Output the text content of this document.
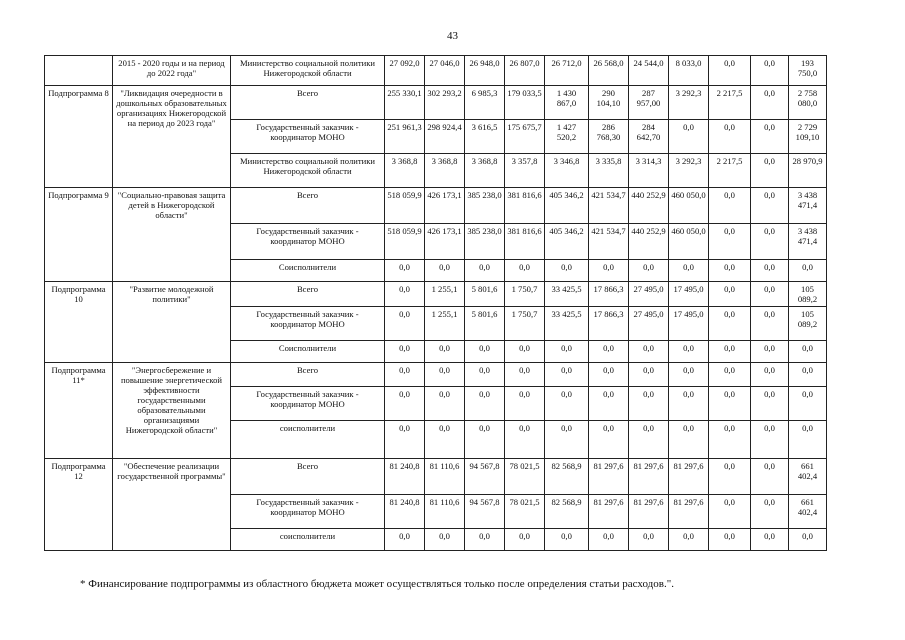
43
	2015 - 2020 годы и на период до 2022 года"	Министерство социальной политики Нижегородской области	27 092,0	27 046,0	26 948,0	26 807,0	26 712,0	26 568,0	24 544,0	8 033,0	0,0	0,0	193 750,0
Подпрограмма 8	"Ликвидация очередности в дошкольных образовательных организациях Нижегородской на период до 2023 года"	Всего	255 330,1	302 293,2	6 985,3	179 033,5	1 430 867,0	290 104,10	287 957,00	3 292,3	2 217,5	0,0	2 758 080,0
		Государственный заказчик - координатор МОНО	251 961,3	298 924,4	3 616,5	175 675,7	1 427 520,2	286 768,30	284 642,70	0,0	0,0	0,0	2 729 109,10
		Министерство социальной политики Нижегородской области	3 368,8	3 368,8	3 368,8	3 357,8	3 346,8	3 335,8	3 314,3	3 292,3	2 217,5	0,0	28 970,9
Подпрограмма 9	"Социально-правовая защита детей в Нижегородской области"	Всего	518 059,9	426 173,1	385 238,0	381 816,6	405 346,2	421 534,7	440 252,9	460 050,0	0,0	0,0	3 438 471,4
		Государственный заказчик - координатор МОНО	518 059,9	426 173,1	385 238,0	381 816,6	405 346,2	421 534,7	440 252,9	460 050,0	0,0	0,0	3 438 471,4
		Соисполнители	0,0	0,0	0,0	0,0	0,0	0,0	0,0	0,0	0,0	0,0	0,0
Подпрограмма 10	"Развитие молодежной политики"	Всего	0,0	1 255,1	5 801,6	1 750,7	33 425,5	17 866,3	27 495,0	17 495,0	0,0	0,0	105 089,2
		Государственный заказчик - координатор МОНО	0,0	1 255,1	5 801,6	1 750,7	33 425,5	17 866,3	27 495,0	17 495,0	0,0	0,0	105 089,2
		Соисполнители	0,0	0,0	0,0	0,0	0,0	0,0	0,0	0,0	0,0	0,0	0,0
Подпрограмма 11*	"Энергосбережение и повышение энергетической эффективности государственными образовательными организациями Нижегородской области"	Всего	0,0	0,0	0,0	0,0	0,0	0,0	0,0	0,0	0,0	0,0	0,0
		Государственный заказчик - координатор МОНО	0,0	0,0	0,0	0,0	0,0	0,0	0,0	0,0	0,0	0,0	0,0
		соисполнители	0,0	0,0	0,0	0,0	0,0	0,0	0,0	0,0	0,0	0,0	0,0
Подпрограмма 12	"Обеспечение реализации государственной программы"	Всего	81 240,8	81 110,6	94 567,8	78 021,5	82 568,9	81 297,6	81 297,6	81 297,6	0,0	0,0	661 402,4
		Государственный заказчик - координатор МОНО	81 240,8	81 110,6	94 567,8	78 021,5	82 568,9	81 297,6	81 297,6	81 297,6	0,0	0,0	661 402,4
		соисполнители	0,0	0,0	0,0	0,0	0,0	0,0	0,0	0,0	0,0	0,0	0,0
* Финансирование подпрограммы из областного бюджета может осуществляться только после определения статьи расходов.".
